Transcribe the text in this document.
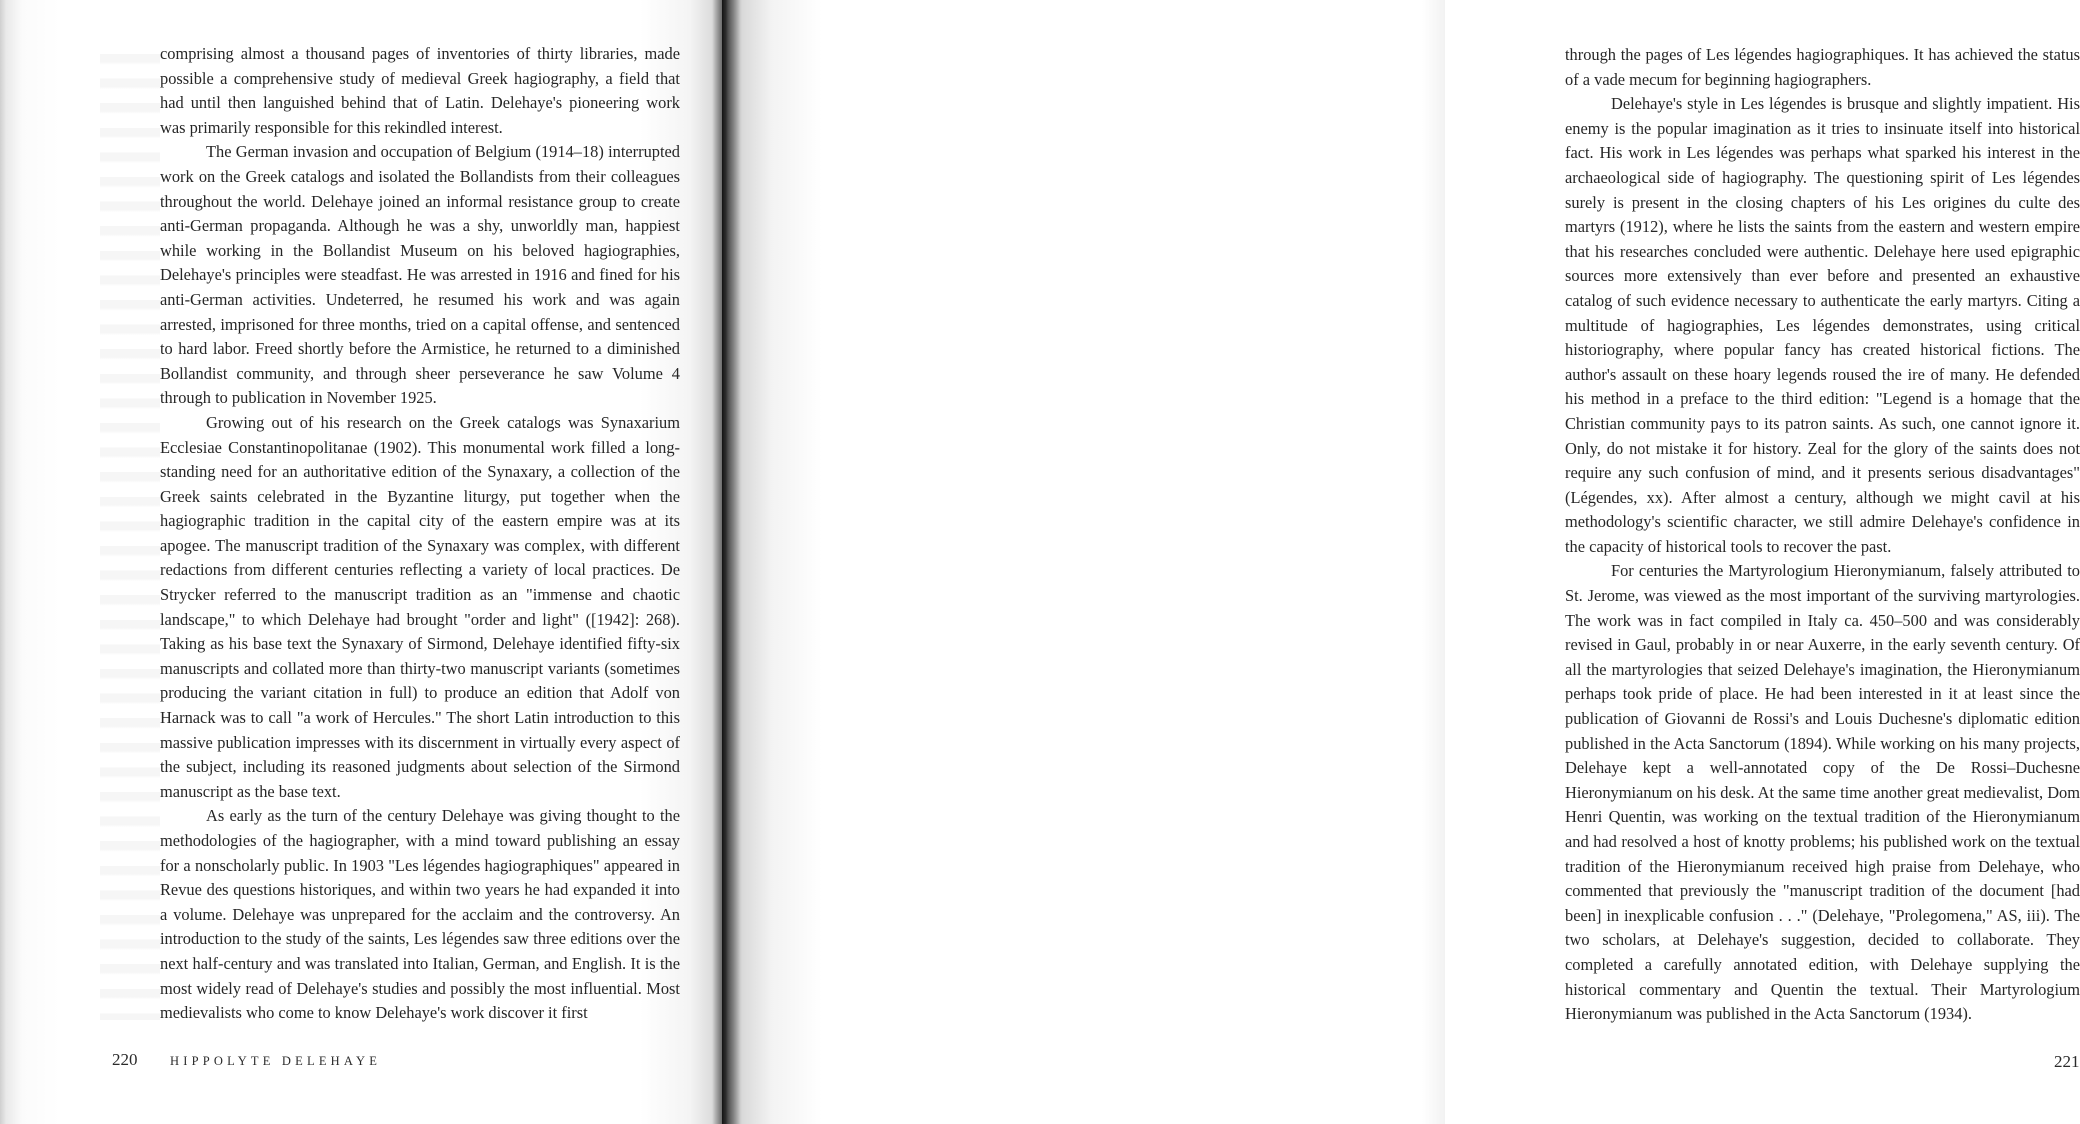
comprising almost a thousand pages of inventories of thirty libraries, made possible a comprehensive study of medieval Greek hagiography, a field that had until then languished behind that of Latin. Delehaye's pioneering work was primarily responsible for this rekindled interest.

The German invasion and occupation of Belgium (1914–18) interrupted work on the Greek catalogs and isolated the Bollandists from their colleagues throughout the world. Delehaye joined an informal resistance group to create anti-German propaganda. Although he was a shy, unworldly man, happiest while working in the Bollandist Museum on his beloved hagiographies, Delehaye's principles were steadfast. He was arrested in 1916 and fined for his anti-German activities. Undeterred, he resumed his work and was again arrested, imprisoned for three months, tried on a capital offense, and sentenced to hard labor. Freed shortly before the Armistice, he returned to a diminished Bollandist community, and through sheer perseverance he saw Volume 4 through to publication in November 1925.

Growing out of his research on the Greek catalogs was Synaxarium Ecclesiae Constantinopolitanae (1902). This monumental work filled a long-standing need for an authoritative edition of the Synaxary, a collection of the Greek saints celebrated in the Byzantine liturgy, put together when the hagiographic tradition in the capital city of the eastern empire was at its apogee. The manuscript tradition of the Synaxary was complex, with different redactions from different centuries reflecting a variety of local practices. De Strycker referred to the manuscript tradition as an "immense and chaotic landscape," to which Delehaye had brought "order and light" ([1942]: 268). Taking as his base text the Synaxary of Sirmond, Delehaye identified fifty-six manuscripts and collated more than thirty-two manuscript variants (sometimes producing the variant citation in full) to produce an edition that Adolf von Harnack was to call "a work of Hercules." The short Latin introduction to this massive publication impresses with its discernment in virtually every aspect of the subject, including its reasoned judgments about selection of the Sirmond manuscript as the base text.

As early as the turn of the century Delehaye was giving thought to the methodologies of the hagiographer, with a mind toward publishing an essay for a nonscholarly public. In 1903 "Les légendes hagiographiques" appeared in Revue des questions historiques, and within two years he had expanded it into a volume. Delehaye was unprepared for the acclaim and the controversy. An introduction to the study of the saints, Les légendes saw three editions over the next half-century and was translated into Italian, German, and English. It is the most widely read of Delehaye's studies and possibly the most influential. Most medievalists who come to know Delehaye's work discover it first

220	HIPPOLYTE DELEHAYE

through the pages of Les légendes hagiographiques. It has achieved the status of a vade mecum for beginning hagiographers.

Delehaye's style in Les légendes is brusque and slightly impatient. His enemy is the popular imagination as it tries to insinuate itself into historical fact. His work in Les légendes was perhaps what sparked his interest in the archaeological side of hagiography. The questioning spirit of Les légendes surely is present in the closing chapters of his Les origines du culte des martyrs (1912), where he lists the saints from the eastern and western empire that his researches concluded were authentic. Delehaye here used epigraphic sources more extensively than ever before and presented an exhaustive catalog of such evidence necessary to authenticate the early martyrs. Citing a multitude of hagiographies, Les légendes demonstrates, using critical historiography, where popular fancy has created historical fictions. The author's assault on these hoary legends roused the ire of many. He defended his method in a preface to the third edition: "Legend is a homage that the Christian community pays to its patron saints. As such, one cannot ignore it. Only, do not mistake it for history. Zeal for the glory of the saints does not require any such confusion of mind, and it presents serious disadvantages" (Légendes, xx). After almost a century, although we might cavil at his methodology's scientific character, we still admire Delehaye's confidence in the capacity of historical tools to recover the past.

For centuries the Martyrologium Hieronymianum, falsely attributed to St. Jerome, was viewed as the most important of the surviving martyrologies. The work was in fact compiled in Italy ca. 450–500 and was considerably revised in Gaul, probably in or near Auxerre, in the early seventh century. Of all the martyrologies that seized Delehaye's imagination, the Hieronymianum perhaps took pride of place. He had been interested in it at least since the publication of Giovanni de Rossi's and Louis Duchesne's diplomatic edition published in the Acta Sanctorum (1894). While working on his many projects, Delehaye kept a well-annotated copy of the De Rossi–Duchesne Hieronymianum on his desk. At the same time another great medievalist, Dom Henri Quentin, was working on the textual tradition of the Hieronymianum and had resolved a host of knotty problems; his published work on the textual tradition of the Hieronymianum received high praise from Delehaye, who commented that previously the "manuscript tradition of the document [had been] in inexplicable confusion . . ." (Delehaye, "Prolegomena," AS, iii). The two scholars, at Delehaye's suggestion, decided to collaborate. They completed a carefully annotated edition, with Delehaye supplying the historical commentary and Quentin the textual. Their Martyrologium Hieronymianum was published in the Acta Sanctorum (1934).

221
